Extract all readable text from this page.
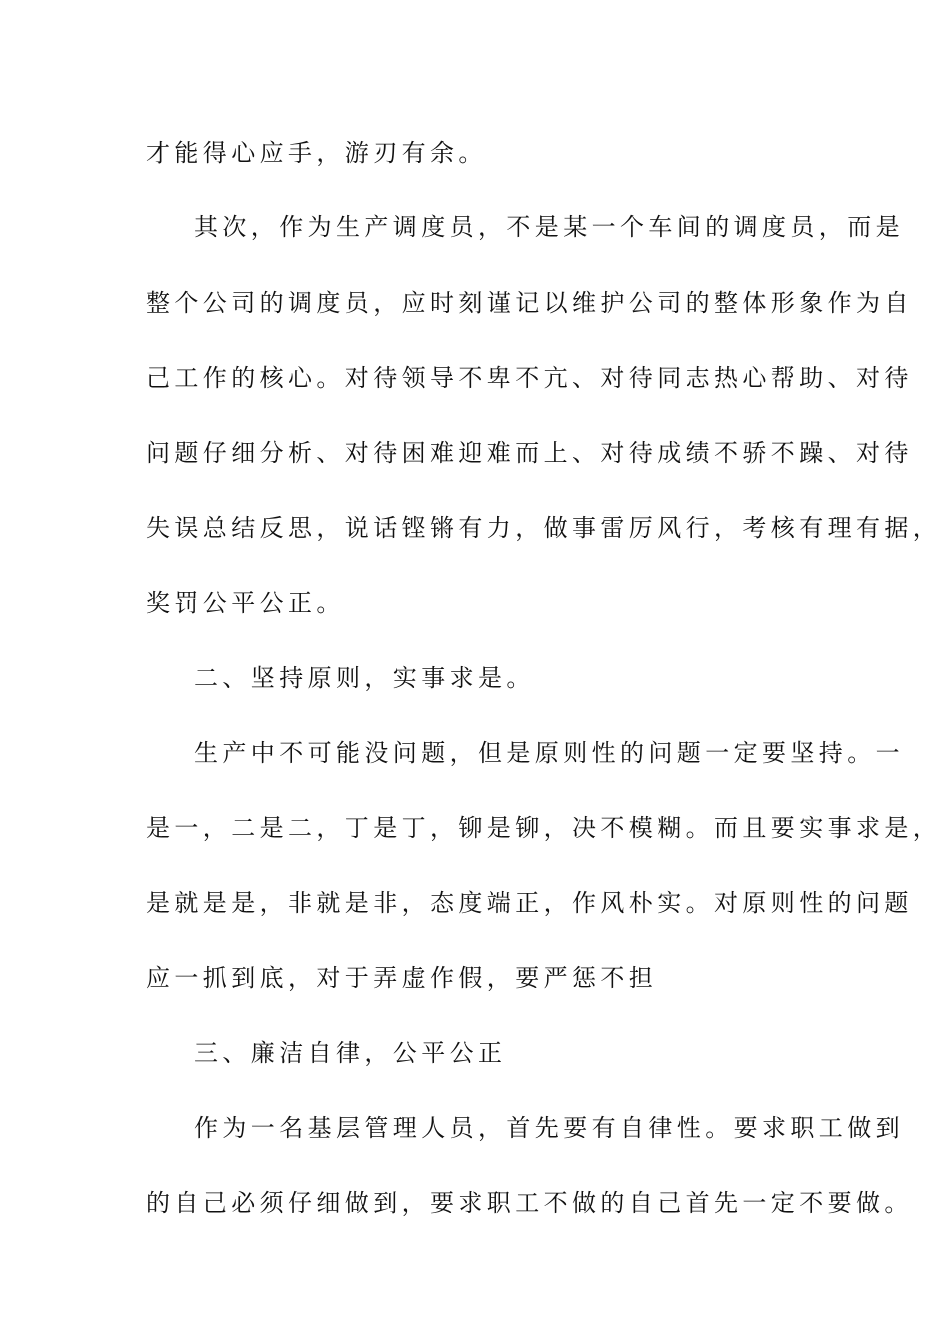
才能得心应手，游刃有余。
其次，作为生产调度员，不是某一个车间的调度员，而是
整个公司的调度员，应时刻谨记以维护公司的整体形象作为自
己工作的核心。对待领导不卑不亢、对待同志热心帮助、对待
问题仔细分析、对待困难迎难而上、对待成绩不骄不躁、对待
失误总结反思，说话铿锵有力，做事雷厉风行，考核有理有据，
奖罚公平公正。
二、坚持原则，实事求是。
生产中不可能没问题，但是原则性的问题一定要坚持。一
是一，二是二，丁是丁，铆是铆，决不模糊。而且要实事求是，
是就是是，非就是非，态度端正，作风朴实。对原则性的问题
应一抓到底，对于弄虚作假，要严惩不担
三、廉洁自律，公平公正
作为一名基层管理人员，首先要有自律性。要求职工做到
的自己必须仔细做到，要求职工不做的自己首先一定不要做。
